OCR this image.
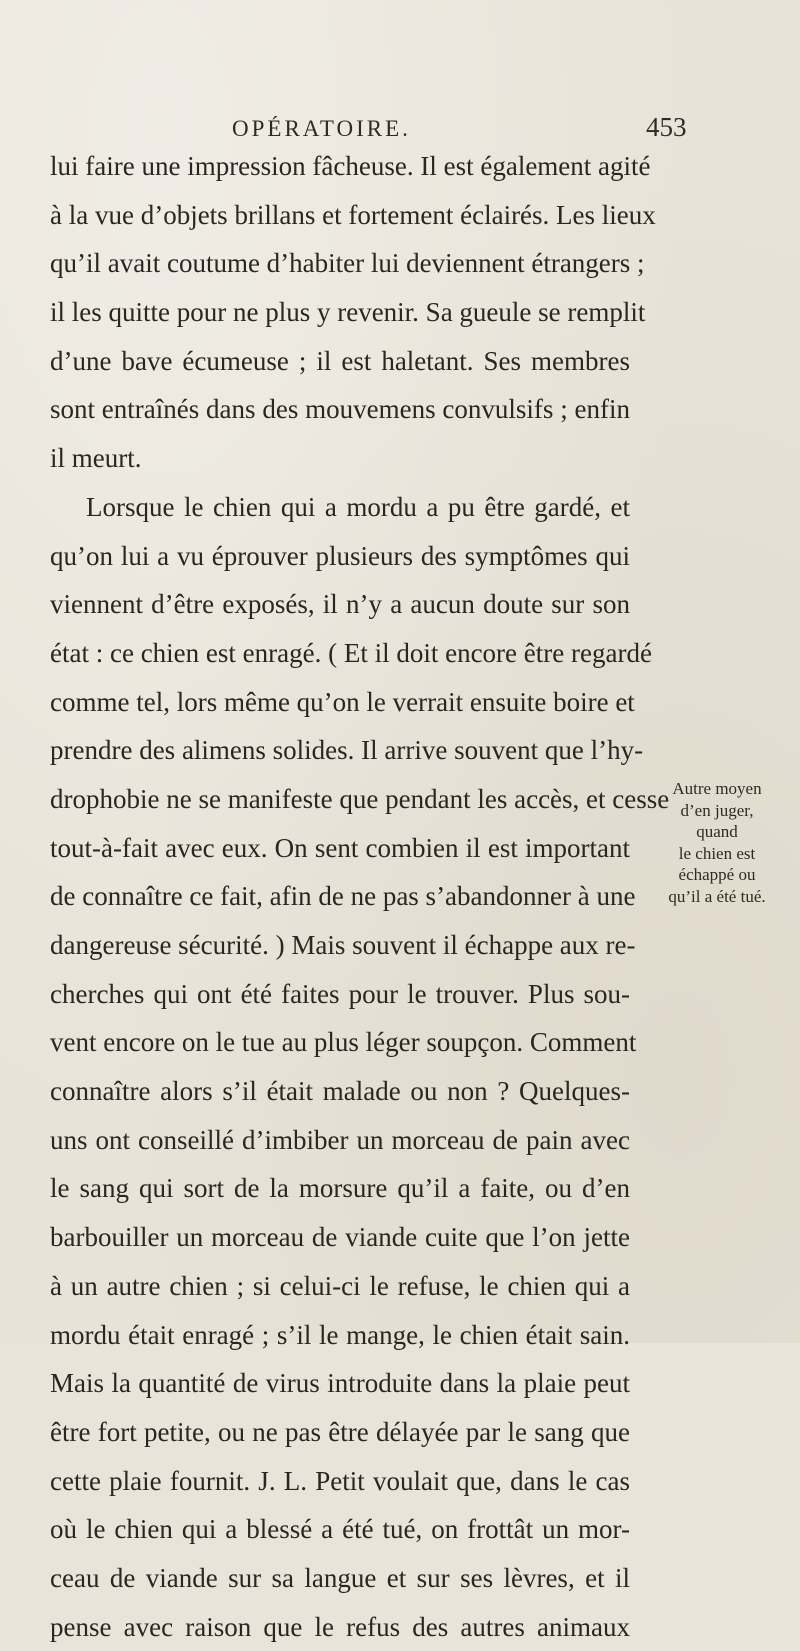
OPÉRATOIRE.	453
lui faire une impression fâcheuse. Il est également agité
à la vue d’objets brillans et fortement éclairés. Les lieux
qu’il avait coutume d’habiter lui deviennent étrangers ;
il les quitte pour ne plus y revenir. Sa gueule se remplit
d’une bave écumeuse ; il est haletant. Ses membres
sont entraînés dans des mouvemens convulsifs ; enfin
il meurt.
Lorsque le chien qui a mordu a pu être gardé, et
qu’on lui a vu éprouver plusieurs des symptômes qui
viennent d’être exposés, il n’y a aucun doute sur son
état : ce chien est enragé. ( Et il doit encore être regardé
comme tel, lors même qu’on le verrait ensuite boire et
prendre des alimens solides. Il arrive souvent que l’hy-
drophobie ne se manifeste que pendant les accès, et cesse
tout-à-fait avec eux. On sent combien il est important
de connaître ce fait, afin de ne pas s’abandonner à une
dangereuse sécurité. ) Mais souvent il échappe aux re-
cherches qui ont été faites pour le trouver. Plus sou-
vent encore on le tue au plus léger soupçon. Comment
connaître alors s’il était malade ou non ? Quelques-
uns ont conseillé d’imbiber un morceau de pain avec
le sang qui sort de la morsure qu’il a faite, ou d’en
barbouiller un morceau de viande cuite que l’on jette
à un autre chien ; si celui-ci le refuse, le chien qui a
mordu était enragé ; s’il le mange, le chien était sain.
Mais la quantité de virus introduite dans la plaie peut
être fort petite, ou ne pas être délayée par le sang que
cette plaie fournit. J. L. Petit voulait que, dans le cas
où le chien qui a blessé a été tué, on frottât un mor-
ceau de viande sur sa langue et sur ses lèvres, et il
pense avec raison que le refus des autres animaux
Autre moyen
d’en juger,
quand
le chien est
échappé ou
qu’il a été tué.
